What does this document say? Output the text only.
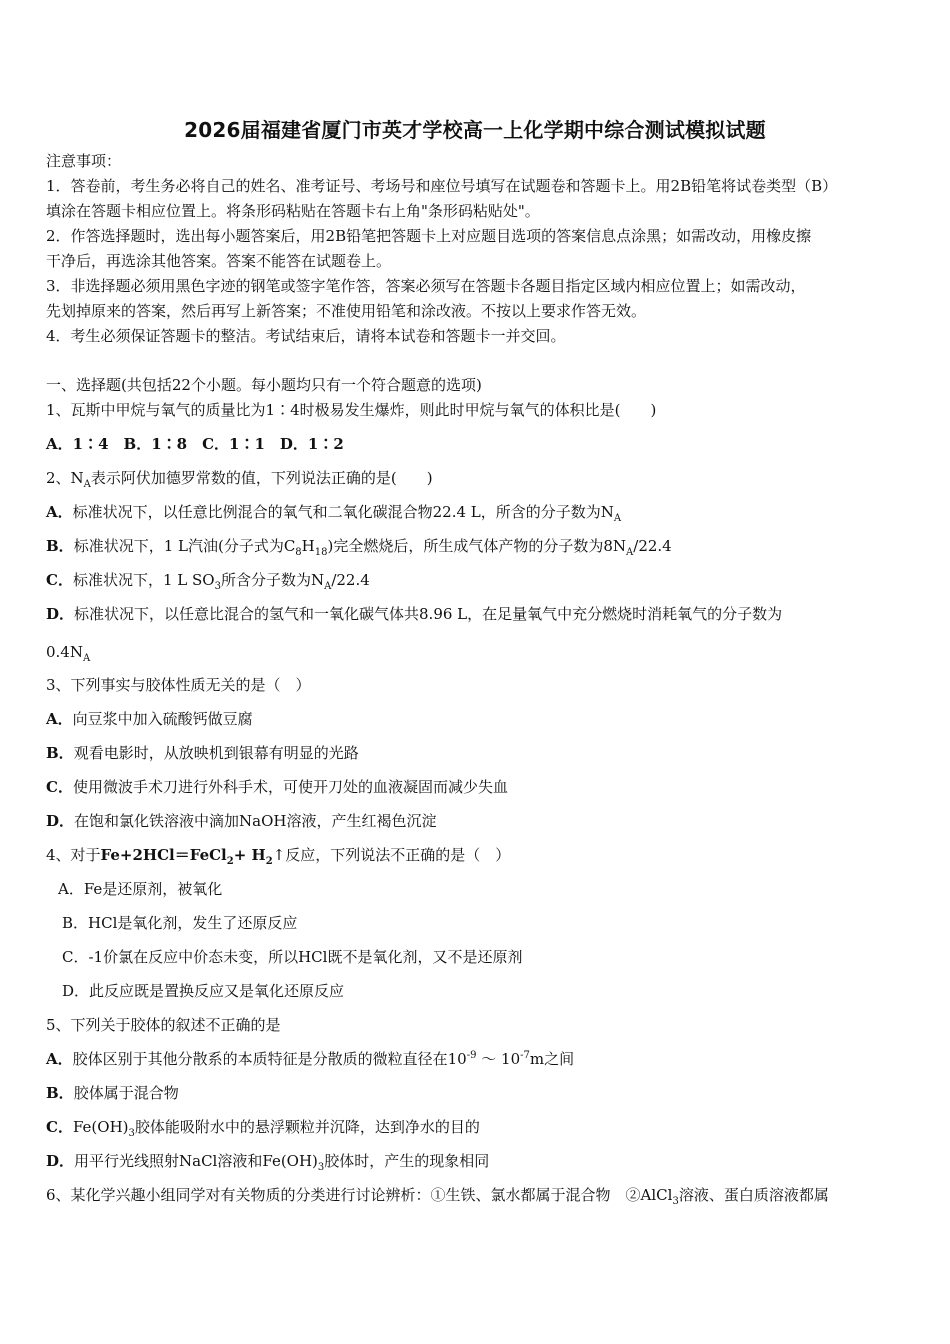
2026届福建省厦门市英才学校高一上化学期中综合测试模拟试题
注意事项：
1．答卷前，考生务必将自己的姓名、准考证号、考场号和座位号填写在试题卷和答题卡上。用2B铅笔将试卷类型（B）
填涂在答题卡相应位置上。将条形码粘贴在答题卡右上角"条形码粘贴处"。
2．作答选择题时，选出每小题答案后，用2B铅笔把答题卡上对应题目选项的答案信息点涂黑；如需改动，用橡皮擦
干净后，再选涂其他答案。答案不能答在试题卷上。
3．非选择题必须用黑色字迹的钢笔或签字笔作答，答案必须写在答题卡各题目指定区域内相应位置上；如需改动，
先划掉原来的答案，然后再写上新答案；不准使用铅笔和涂改液。不按以上要求作答无效。
4．考生必须保证答题卡的整洁。考试结束后，请将本试卷和答题卡一并交回。
一、选择题(共包括22个小题。每小题均只有一个符合题意的选项)
1、瓦斯中甲烷与氧气的质量比为1∶4时极易发生爆炸，则此时甲烷与氧气的体积比是(　　)
A．1∶4　B．1∶8　C．1∶1　D．1∶2
2、$N_A$表示阿伏加德罗常数的值，下列说法正确的是(　　)
A．标准状况下，以任意比例混合的氧气和二氧化碳混合物22.4 L，所含的分子数为$N_A$
B．标准状况下，1 L汽油(分子式为$C_8H_{18}$)完全燃烧后，所生成气体产物的分子数为$8N_A/22.4$
C．标准状况下，1 L $SO_3$所含分子数为$N_A/22.4$
D．标准状况下，以任意比混合的氢气和一氧化碳气体共8.96 L，在足量氧气中充分燃烧时消耗氧气的分子数为
$0.4N_A$
3、下列事实与胶体性质无关的是（　）
A．向豆浆中加入硫酸钙做豆腐
B．观看电影时，从放映机到银幕有明显的光路
C．使用微波手术刀进行外科手术，可使开刀处的血液凝固而减少失血
D．在饱和氯化铁溶液中滴加NaOH溶液，产生红褐色沉淀
4、对于Fe+2HCl＝FeCl$_2$+ $H_2↑$反应，下列说法不正确的是（　）
A．Fe是还原剂，被氧化
B．HCl是氧化剂，发生了还原反应
C．-1价氯在反应中价态未变，所以HCl既不是氧化剂，又不是还原剂
D．此反应既是置换反应又是氧化还原反应
5、下列关于胶体的叙述不正确的是
A．胶体区别于其他分散系的本质特征是分散质的微粒直径在$10^{-9}$ ～ $10^{-7}m$之间
B．胶体属于混合物
C．$Fe(OH)_3$胶体能吸附水中的悬浮颗粒并沉降，达到净水的目的
D．用平行光线照射NaCl溶液和$Fe(OH)_3$胶体时，产生的现象相同
6、某化学兴趣小组同学对有关物质的分类进行讨论辨析：①生铁、氯水都属于混合物　②AlCl$_3$溶液、蛋白质溶液都属
